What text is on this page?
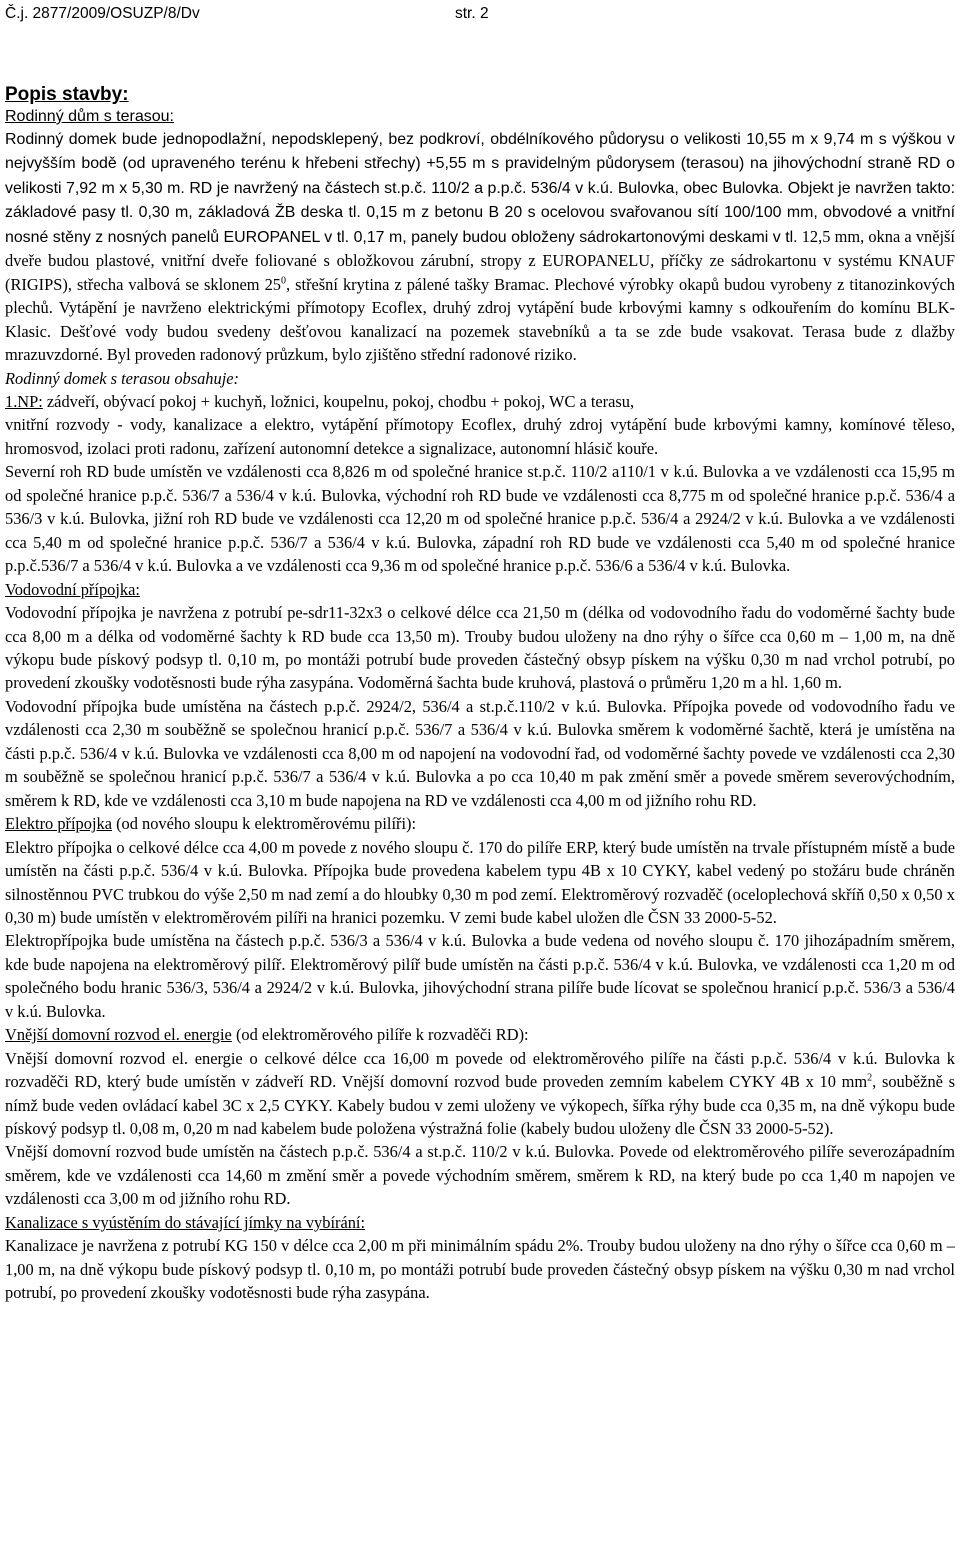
Č.j. 2877/2009/OSUZP/8/Dv	str. 2
Popis stavby:
Rodinný dům s terasou:

Rodinný domek bude jednopodlažní, nepodsklepený, bez podkroví, obdélníkového půdorysu o velikosti 10,55 m x 9,74 m s výškou v nejvyšším bodě (od upraveného terénu k hřebeni střechy) +5,55 m s pravidelným půdorysem (terasou) na jihovýchodní straně RD o velikosti 7,92 m x 5,30 m. RD je navržený na částech st.p.č. 110/2 a p.p.č. 536/4 v k.ú. Bulovka, obec Bulovka. Objekt je navržen takto: základové pasy tl. 0,30 m, základová ŽB deska tl. 0,15 m z betonu B 20 s ocelovou svařovanou sítí 100/100 mm, obvodové a vnitřní nosné stěny z nosných panelů EUROPANEL v tl. 0,17 m, panely budou obloženy sádrokartonovými deskami v tl. 12,5 mm, okna a vnější dveře budou plastové, vnitřní dveře foliované s obložkovou zárubní, stropy z EUROPANELU, příčky ze sádrokartonu v systému KNAUF (RIGIPS), střecha valbová se sklonem $25^0$, střešní krytina z pálené tašky Bramac. Plechové výrobky okapů budou vyrobeny z titanozinkových plechů. Vytápění je navrženo elektrickými přímotopy Ecoflex, druhý zdroj vytápění bude krbovými kamny s odkouřením do komínu BLK-Klasic. Dešťové vody budou svedeny dešťovou kanalizací na pozemek stavebníků a ta se zde bude vsakovat. Terasa bude z dlažby mrazuvzdorné. Byl proveden radonový průzkum, bylo zjištěno střední radonové riziko.

Rodinný domek s terasou obsahuje:

1.NP: zádveří, obývací pokoj + kuchyň, ložnici, koupelnu, pokoj, chodbu + pokoj, WC a terasu,
vnitřní rozvody - vody, kanalizace a elektro, vytápění přímotopy Ecoflex, druhý zdroj vytápění bude krbovými kamny, komínové těleso, hromosvod, izolaci proti radonu, zařízení autonomní detekce a signalizace, autonomní hlásič kouře.

Severní roh RD bude umístěn ve vzdálenosti cca 8,826 m od společné hranice st.p.č. 110/2 a110/1 v k.ú. Bulovka a ve vzdálenosti cca 15,95 m od společné hranice p.p.č. 536/7 a 536/4 v k.ú. Bulovka, východní roh RD bude ve vzdálenosti cca 8,775 m od společné hranice p.p.č. 536/4 a 536/3 v k.ú. Bulovka, jižní roh RD bude ve vzdálenosti cca 12,20 m od společné hranice p.p.č. 536/4 a 2924/2 v k.ú. Bulovka a ve vzdálenosti cca 5,40 m od společné hranice p.p.č. 536/7 a 536/4 v k.ú. Bulovka, západní roh RD bude ve vzdálenosti cca 5,40 m od společné hranice p.p.č.536/7 a 536/4 v k.ú. Bulovka a ve vzdálenosti cca 9,36 m od společné hranice p.p.č. 536/6 a 536/4 v k.ú. Bulovka.

Vodovodní přípojka:

Vodovodní přípojka je navržena z potrubí pe-sdr11-32x3 o celkové délce cca 21,50 m (délka od vodovodního řadu do vodoměrné šachty bude cca 8,00 m a délka od vodoměrné šachty k RD bude cca 13,50 m). Trouby budou uloženy na dno rýhy o šířce cca 0,60 m – 1,00 m, na dně výkopu bude pískový podsyp tl. 0,10 m, po montáži potrubí bude proveden částečný obsyp pískem na výšku 0,30 m nad vrchol potrubí, po provedení zkoušky vodotěsnosti bude rýha zasypána. Vodoměrná šachta bude kruhová, plastová o průměru 1,20 m a hl. 1,60 m.

Vodovodní přípojka bude umístěna na částech p.p.č. 2924/2, 536/4 a st.p.č.110/2 v k.ú. Bulovka. Přípojka povede od vodovodního řadu ve vzdálenosti cca 2,30 m souběžně se společnou hranicí p.p.č. 536/7 a 536/4 v k.ú. Bulovka směrem k vodoměrné šachtě, která je umístěna na části p.p.č. 536/4 v k.ú. Bulovka ve vzdálenosti cca 8,00 m od napojení na vodovodní řad, od vodoměrné šachty povede ve vzdálenosti cca 2,30 m souběžně se společnou hranicí p.p.č. 536/7 a 536/4 v k.ú. Bulovka a po cca 10,40 m pak změní směr a povede směrem severovýchodním, směrem k RD, kde ve vzdálenosti cca 3,10 m bude napojena na RD ve vzdálenosti cca 4,00 m od jižního rohu RD.

Elektro přípojka (od nového sloupu k elektroměrovému pilíři):

Elektro přípojka o celkové délce cca 4,00 m povede z nového sloupu č. 170 do pilíře ERP, který bude umístěn na trvale přístupném místě a bude umístěn na části p.p.č. 536/4 v k.ú. Bulovka. Přípojka bude provedena kabelem typu 4B x 10 CYKY, kabel vedený po stožáru bude chráněn silnostěnnou PVC trubkou do výše 2,50 m nad zemí a do hloubky 0,30 m pod zemí. Elektroměrový rozvaděč (oceloplechová skříň 0,50 x 0,50 x 0,30 m) bude umístěn v elektroměrovém pilíři na hranici pozemku. V zemi bude kabel uložen dle ČSN 33 2000-5-52.

Elektropřípojka bude umístěna na částech p.p.č. 536/3 a 536/4 v k.ú. Bulovka a bude vedena od nového sloupu č. 170 jihozápadním směrem, kde bude napojena na elektroměrový pilíř. Elektroměrový pilíř bude umístěn na části p.p.č. 536/4 v k.ú. Bulovka, ve vzdálenosti cca 1,20 m od společného bodu hranic 536/3, 536/4 a 2924/2 v k.ú. Bulovka, jihovýchodní strana pilíře bude lícovat se společnou hranicí p.p.č. 536/3 a 536/4 v k.ú. Bulovka.

Vnější domovní rozvod el. energie (od elektroměrového pilíře k rozvaděči RD):

Vnější domovní rozvod el. energie o celkové délce cca 16,00 m povede od elektroměrového pilíře na části p.p.č. 536/4 v k.ú. Bulovka k rozvaděči RD, který bude umístěn v zádveří RD. Vnější domovní rozvod bude proveden zemním kabelem CYKY 4B x 10 $mm^2$, souběžně s nímž bude veden ovládací kabel 3C x 2,5 CYKY. Kabely budou v zemi uloženy ve výkopech, šířka rýhy bude cca 0,35 m, na dně výkopu bude pískový podsyp tl. 0,08 m, 0,20 m nad kabelem bude položena výstražná folie (kabely budou uloženy dle ČSN 33 2000-5-52).

Vnější domovní rozvod bude umístěn na částech p.p.č. 536/4 a st.p.č. 110/2 v k.ú. Bulovka. Povede od elektroměrového pilíře severozápadním směrem, kde ve vzdálenosti cca 14,60 m změní směr a povede východním směrem, směrem k RD, na který bude po cca 1,40 m napojen ve vzdálenosti cca 3,00 m od jižního rohu RD.

Kanalizace s vyústěním do stávající jímky na vybírání:

Kanalizace je navržena z potrubí KG 150 v délce cca 2,00 m při minimálním spádu 2%. Trouby budou uloženy na dno rýhy o šířce cca 0,60 m – 1,00 m, na dně výkopu bude pískový podsyp tl. 0,10 m, po montáži potrubí bude proveden částečný obsyp pískem na výšku 0,30 m nad vrchol potrubí, po provedení zkoušky vodotěsnosti bude rýha zasypána.
